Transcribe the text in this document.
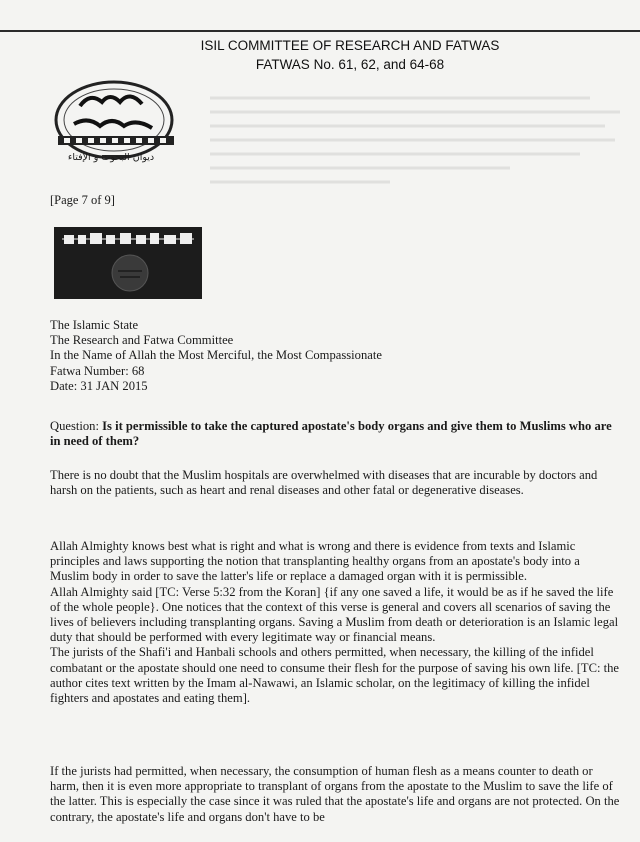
ISIL COMMITTEE OF RESEARCH AND FATWAS
FATWAS No. 61, 62, and 64-68
ديوان البحوث و الإفتاء
[Page 7 of 9]

The Islamic State

The Research and Fatwa Committee

In the Name of Allah the Most Merciful, the Most Compassionate

Fatwa Number: 68

Date: 31 JAN 2015

Question: Is it permissible to take the captured apostate's body organs and give them to Muslims who are in need of them?

There is no doubt that the Muslim hospitals are overwhelmed with diseases that are incurable by doctors and harsh on the patients, such as heart and renal diseases and other fatal or degenerative diseases.

Allah Almighty knows best what is right and what is wrong and there is evidence from texts and Islamic principles and laws supporting the notion that transplanting healthy organs from an apostate's body into a Muslim body in order to save the latter's life or replace a damaged organ with it is permissible.

Allah Almighty said [TC: Verse 5:32 from the Koran] {if any one saved a life, it would be as if he saved the life of the whole people}. One notices that the context of this verse is general and covers all scenarios of saving the lives of believers including transplanting organs. Saving a Muslim from death or deterioration is an Islamic legal duty that should be performed with every legitimate way or financial means.

The jurists of the Shafi'i and Hanbali schools and others permitted, when necessary, the killing of the infidel combatant or the apostate should one need to consume their flesh for the purpose of saving his own life. [TC: the author cites text written by the Imam al-Nawawi, an Islamic scholar, on the legitimacy of killing the infidel fighters and apostates and eating them].

If the jurists had permitted, when necessary, the consumption of human flesh as a means counter to death or harm, then it is even more appropriate to transplant of organs from the apostate to the Muslim to save the life of the latter. This is especially the case since it was ruled that the apostate's life and organs are not protected. On the contrary, the apostate's life and organs don't have to be
